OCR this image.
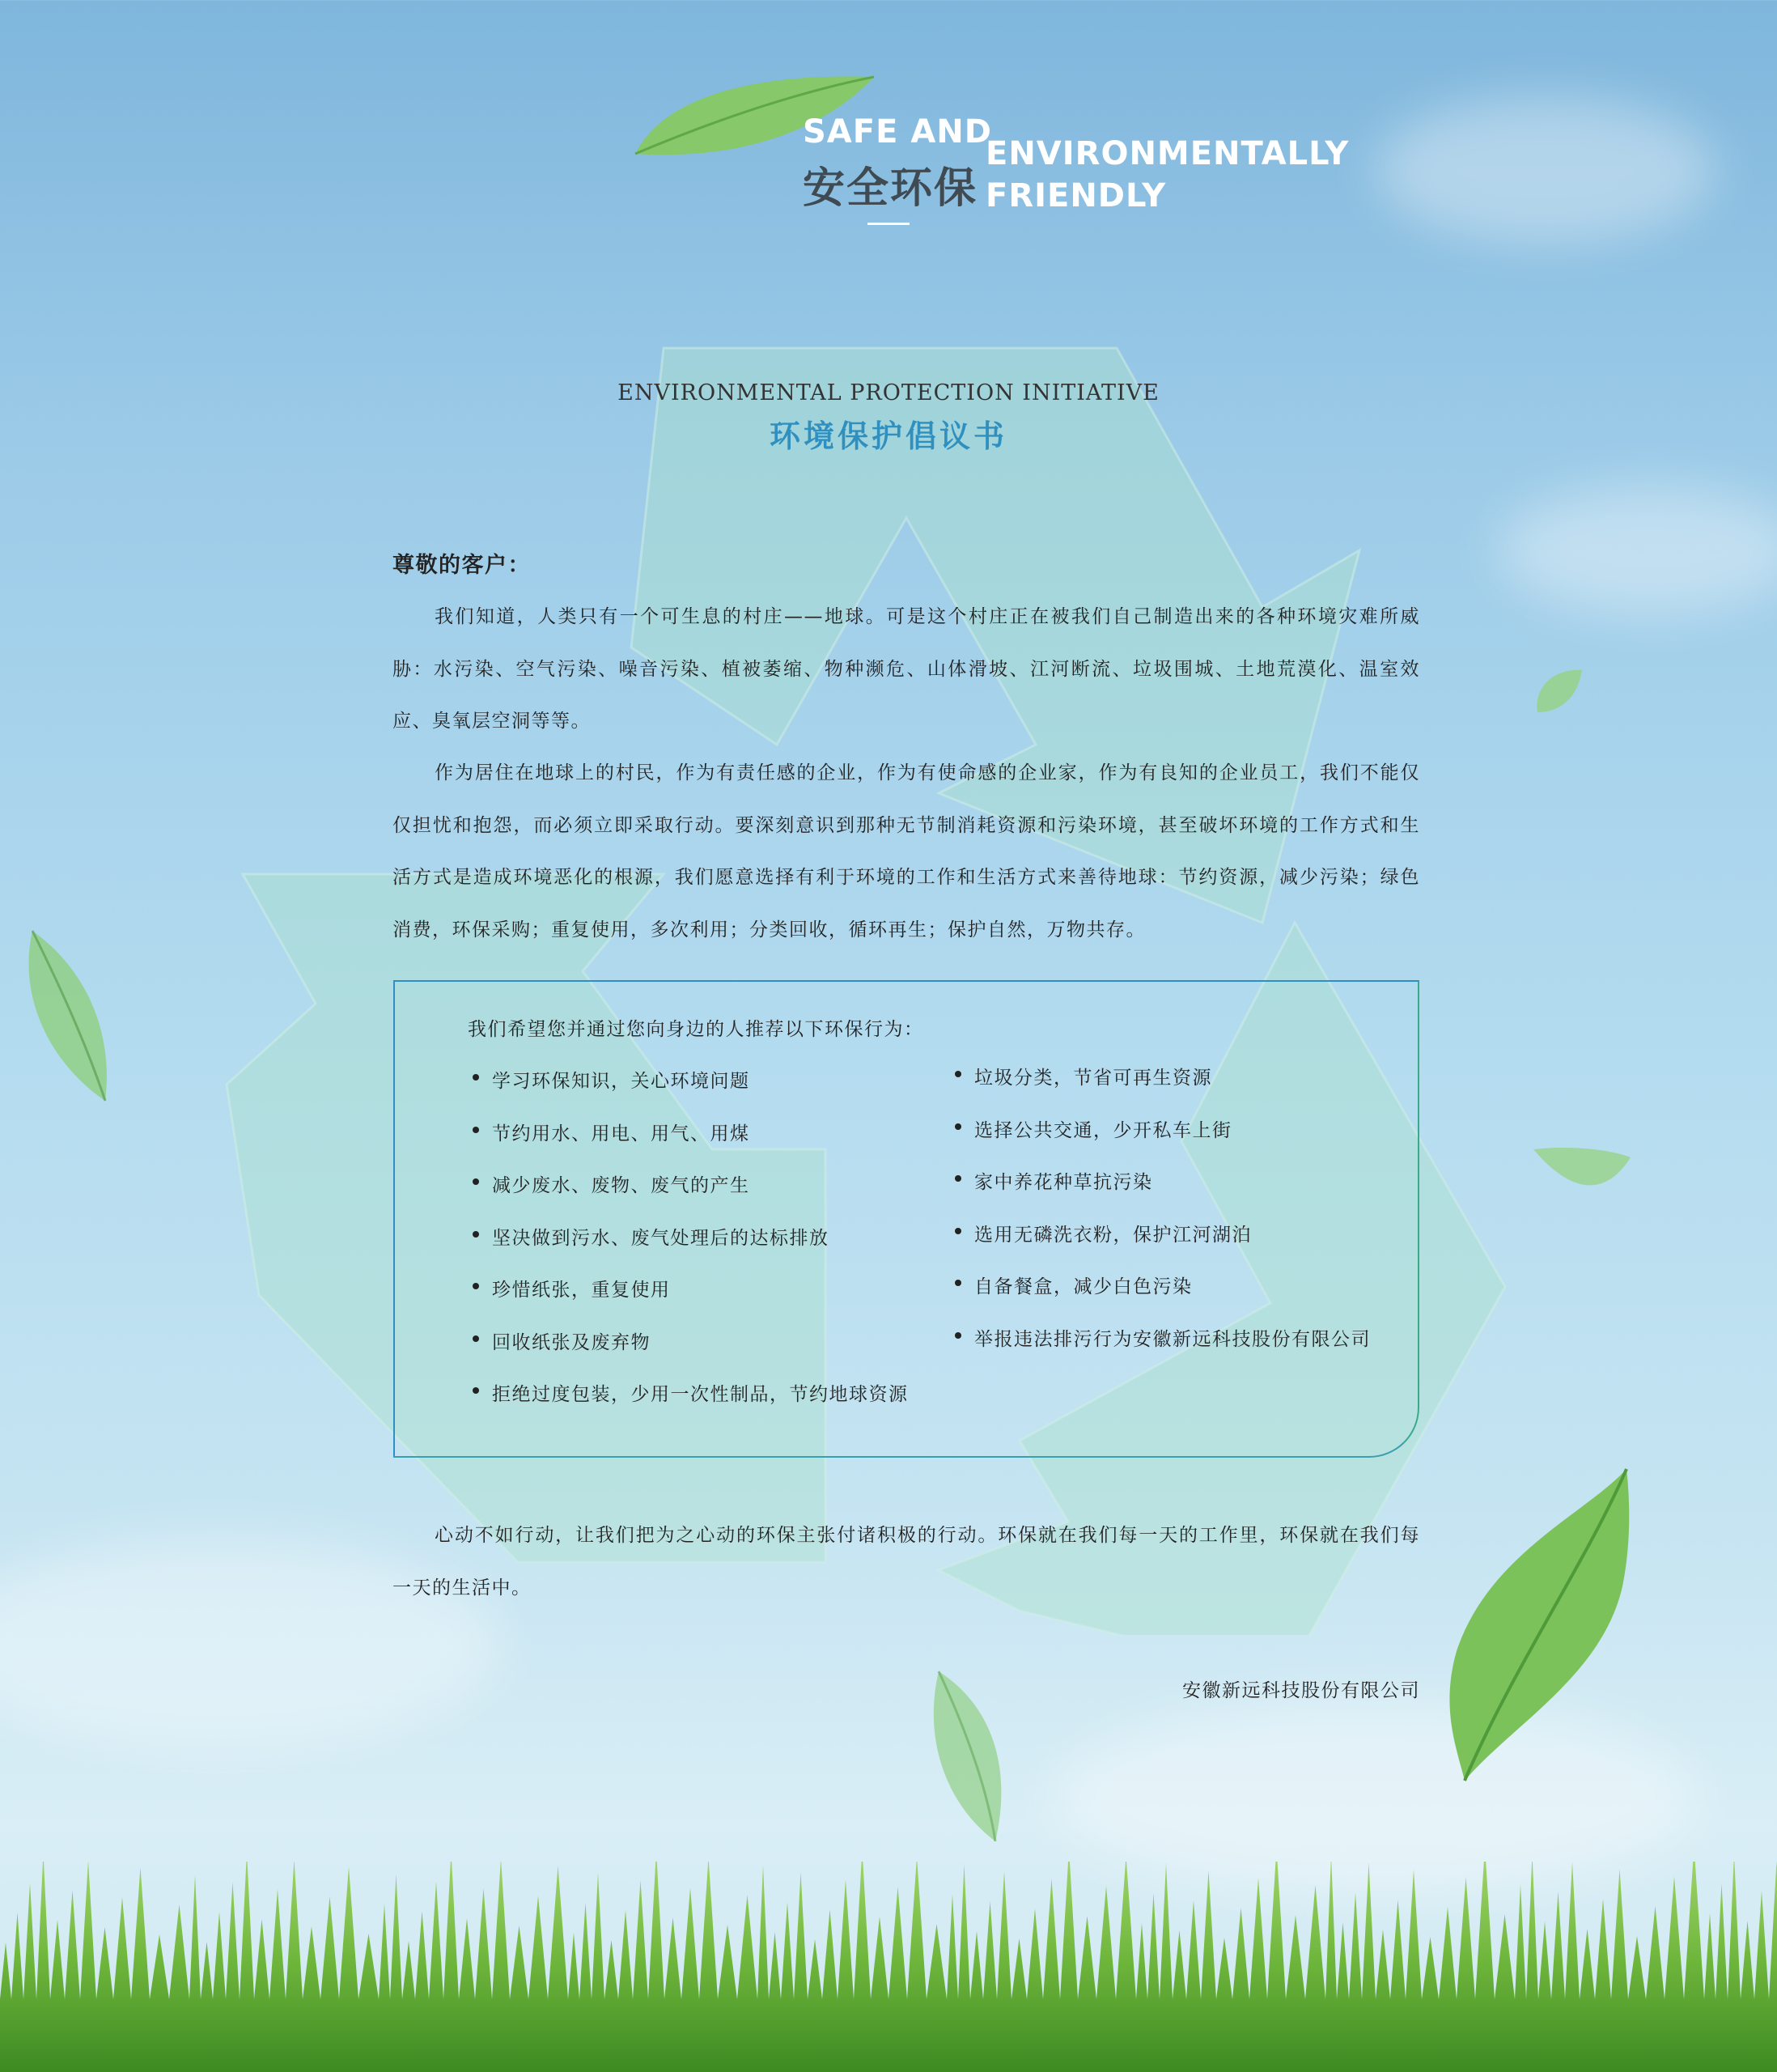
SAFE AND
安全环保
ENVIRONMENTALLY FRIENDLY
ENVIRONMENTAL PROTECTION INITIATIVE
环境保护倡议书
尊敬的客户：
我们知道，人类只有一个可生息的村庄——地球。可是这个村庄正在被我们自己制造出来的各种环境灾难所威胁：水污染、空气污染、噪音污染、植被萎缩、物种濒危、山体滑坡、江河断流、垃圾围城、土地荒漠化、温室效应、臭氧层空洞等等。
作为居住在地球上的村民，作为有责任感的企业，作为有使命感的企业家，作为有良知的企业员工，我们不能仅仅担忧和抱怨，而必须立即采取行动。要深刻意识到那种无节制消耗资源和污染环境，甚至破坏环境的工作方式和生活方式是造成环境恶化的根源，我们愿意选择有利于环境的工作和生活方式来善待地球：节约资源，减少污染；绿色消费，环保采购；重复使用，多次利用；分类回收，循环再生；保护自然，万物共存。
我们希望您并通过您向身边的人推荐以下环保行为：
学习环保知识，关心环境问题
节约用水、用电、用气、用煤
减少废水、废物、废气的产生
坚决做到污水、废气处理后的达标排放
珍惜纸张，重复使用
回收纸张及废弃物
拒绝过度包装，少用一次性制品，节约地球资源
垃圾分类，节省可再生资源
选择公共交通，少开私车上街
家中养花种草抗污染
选用无磷洗衣粉，保护江河湖泊
自备餐盒，减少白色污染
举报违法排污行为安徽新远科技股份有限公司
心动不如行动，让我们把为之心动的环保主张付诸积极的行动。环保就在我们每一天的工作里，环保就在我们每一天的生活中。
安徽新远科技股份有限公司
